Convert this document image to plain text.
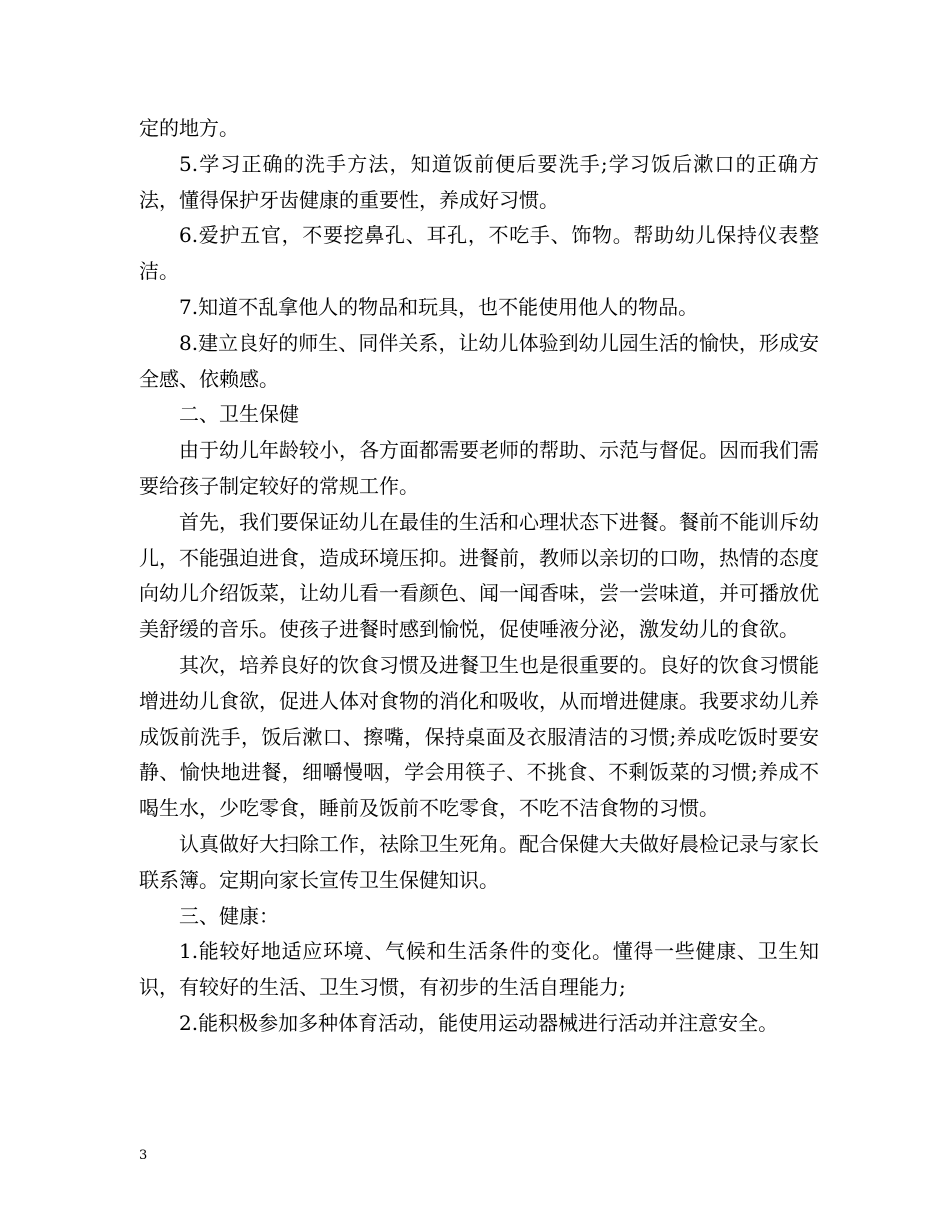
定的地方。

5.学习正确的洗手方法，知道饭前便后要洗手;学习饭后漱口的正确方法，懂得保护牙齿健康的重要性，养成好习惯。

6.爱护五官，不要挖鼻孔、耳孔，不吃手、饰物。帮助幼儿保持仪表整洁。

7.知道不乱拿他人的物品和玩具，也不能使用他人的物品。

8.建立良好的师生、同伴关系，让幼儿体验到幼儿园生活的愉快，形成安全感、依赖感。

二、卫生保健

由于幼儿年龄较小，各方面都需要老师的帮助、示范与督促。因而我们需要给孩子制定较好的常规工作。

首先，我们要保证幼儿在最佳的生活和心理状态下进餐。餐前不能训斥幼儿，不能强迫进食，造成环境压抑。进餐前，教师以亲切的口吻，热情的态度向幼儿介绍饭菜，让幼儿看一看颜色、闻一闻香味，尝一尝味道，并可播放优美舒缓的音乐。使孩子进餐时感到愉悦，促使唾液分泌，激发幼儿的食欲。

其次，培养良好的饮食习惯及进餐卫生也是很重要的。良好的饮食习惯能增进幼儿食欲，促进人体对食物的消化和吸收，从而增进健康。我要求幼儿养成饭前洗手，饭后漱口、擦嘴，保持桌面及衣服清洁的习惯;养成吃饭时要安静、愉快地进餐，细嚼慢咽，学会用筷子、不挑食、不剩饭菜的习惯;养成不喝生水，少吃零食，睡前及饭前不吃零食，不吃不洁食物的习惯。

认真做好大扫除工作，祛除卫生死角。配合保健大夫做好晨检记录与家长联系簿。定期向家长宣传卫生保健知识。

三、健康：

1.能较好地适应环境、气候和生活条件的变化。懂得一些健康、卫生知识，有较好的生活、卫生习惯，有初步的生活自理能力;

2.能积极参加多种体育活动，能使用运动器械进行活动并注意安全。

3
